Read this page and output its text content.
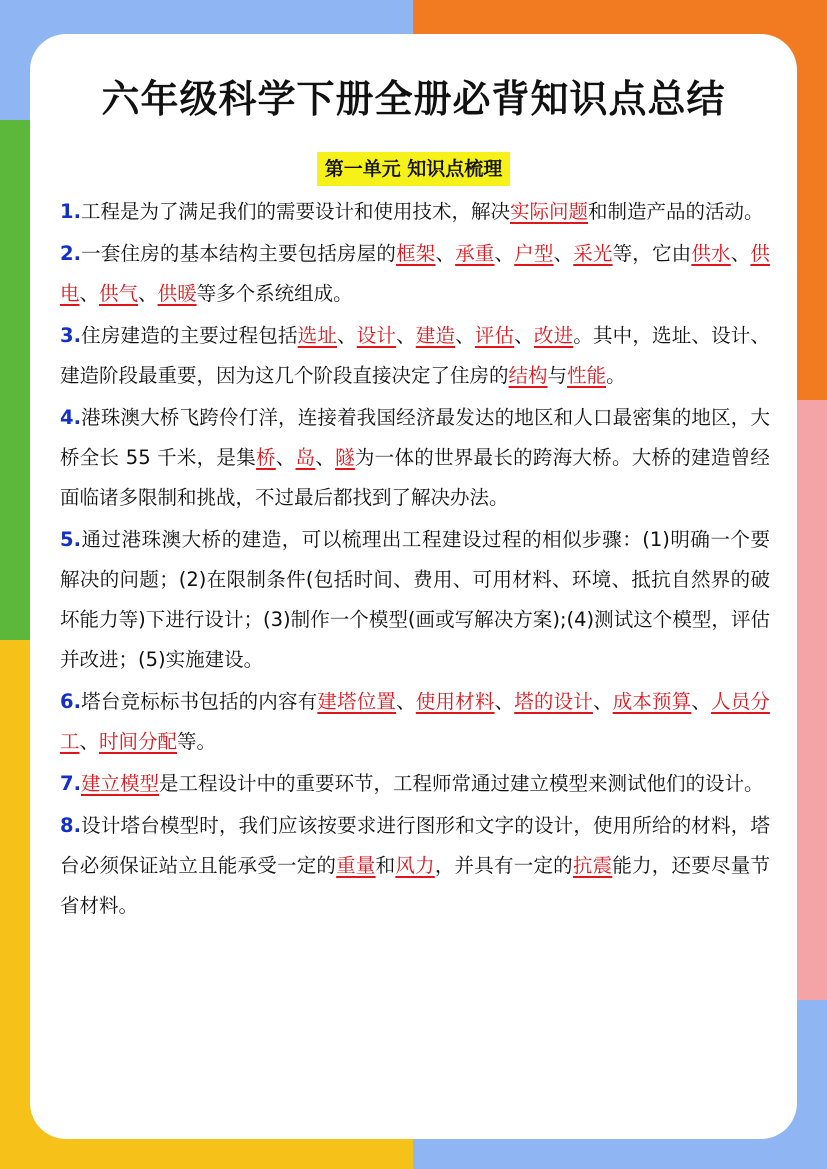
六年级科学下册全册必背知识点总结
第一单元 知识点梳理

1.工程是为了满足我们的需要设计和使用技术，解决实际问题和制造产品的活动。

2.一套住房的基本结构主要包括房屋的框架、承重、户型、采光等，它由供水、供电、供气、供暖等多个系统组成。

3.住房建造的主要过程包括选址、设计、建造、评估、改进。其中，选址、设计、建造阶段最重要，因为这几个阶段直接决定了住房的结构与性能。

4.港珠澳大桥飞跨伶仃洋，连接着我国经济最发达的地区和人口最密集的地区，大桥全长 55 千米，是集桥、岛、隧为一体的世界最长的跨海大桥。大桥的建造曾经面临诸多限制和挑战，不过最后都找到了解决办法。

5.通过港珠澳大桥的建造，可以梳理出工程建设过程的相似步骤：(1)明确一个要解决的问题；(2)在限制条件(包括时间、费用、可用材料、环境、抵抗自然界的破坏能力等)下进行设计；(3)制作一个模型(画或写解决方案);(4)测试这个模型，评估并改进；(5)实施建设。

6.塔台竞标标书包括的内容有建塔位置、使用材料、塔的设计、成本预算、人员分工、时间分配等。

7.建立模型是工程设计中的重要环节，工程师常通过建立模型来测试他们的设计。

8.设计塔台模型时，我们应该按要求进行图形和文字的设计，使用所给的材料，塔台必须保证站立且能承受一定的重量和风力，并具有一定的抗震能力，还要尽量节省材料。
